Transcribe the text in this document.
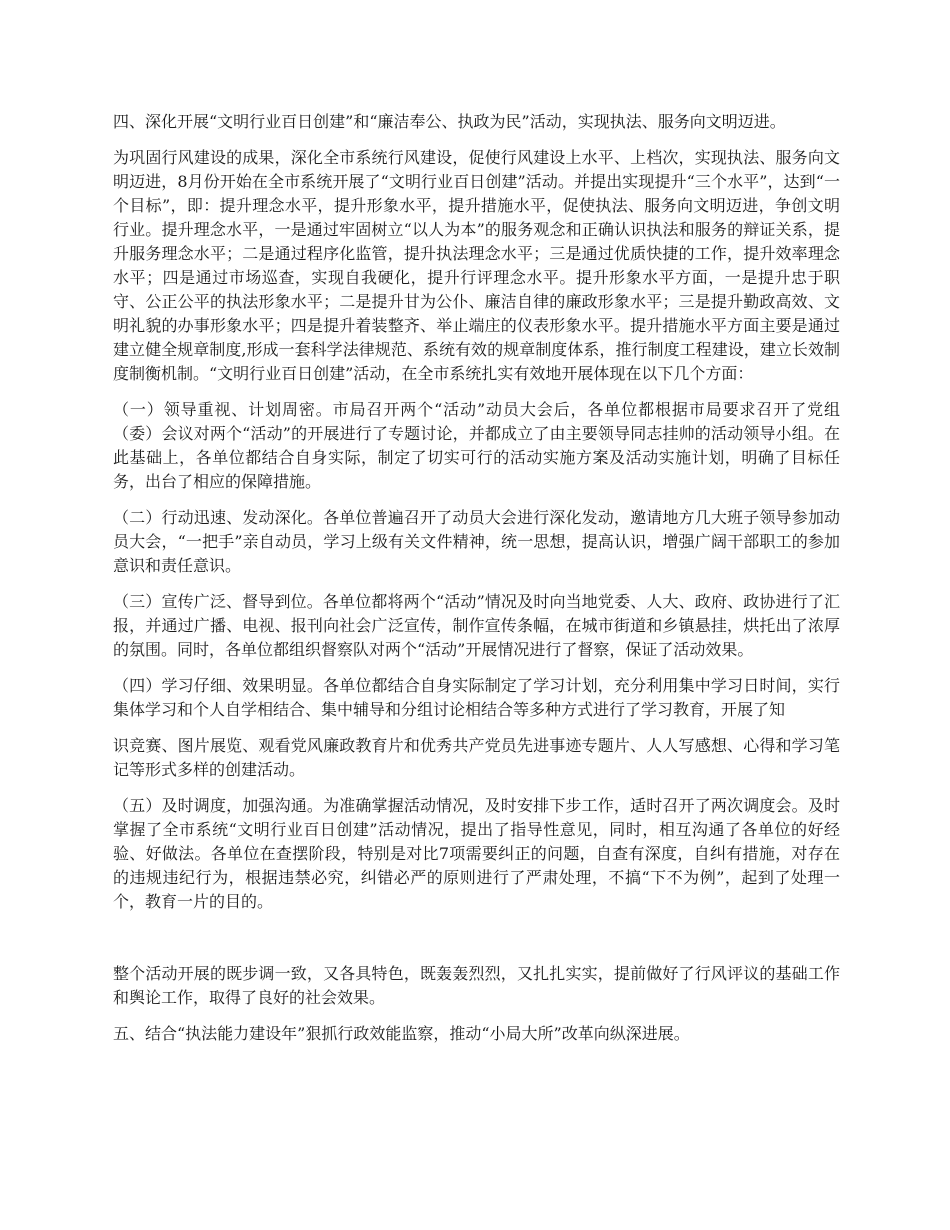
四、深化开展“文明行业百日创建”和“廉洁奉公、执政为民”活动，实现执法、服务向文明迈进。

为巩固行风建设的成果，深化全市系统行风建设，促使行风建设上水平、上档次，实现执法、服务向文明迈进，8月份开始在全市系统开展了“文明行业百日创建”活动。并提出实现提升“三个水平”，达到“一个目标”，即：提升理念水平，提升形象水平，提升措施水平，促使执法、服务向文明迈进，争创文明行业。提升理念水平，一是通过牢固树立“以人为本”的服务观念和正确认识执法和服务的辩证关系，提升服务理念水平；二是通过程序化监管，提升执法理念水平；三是通过优质快捷的工作，提升效率理念水平；四是通过市场巡查，实现自我硬化，提升行评理念水平。提升形象水平方面，一是提升忠于职守、公正公平的执法形象水平；二是提升甘为公仆、廉洁自律的廉政形象水平；三是提升勤政高效、文明礼貌的办事形象水平；四是提升着装整齐、举止端庄的仪表形象水平。提升措施水平方面主要是通过建立健全规章制度,形成一套科学法律规范、系统有效的规章制度体系，推行制度工程建设，建立长效制度制衡机制。“文明行业百日创建”活动，在全市系统扎实有效地开展体现在以下几个方面：

（一）领导重视、计划周密。市局召开两个“活动”动员大会后，各单位都根据市局要求召开了党组（委）会议对两个“活动”的开展进行了专题讨论，并都成立了由主要领导同志挂帅的活动领导小组。在此基础上，各单位都结合自身实际，制定了切实可行的活动实施方案及活动实施计划，明确了目标任务，出台了相应的保障措施。

（二）行动迅速、发动深化。各单位普遍召开了动员大会进行深化发动，邀请地方几大班子领导参加动员大会，“一把手”亲自动员，学习上级有关文件精神，统一思想，提高认识，增强广阔干部职工的参加意识和责任意识。

（三）宣传广泛、督导到位。各单位都将两个“活动”情况及时向当地党委、人大、政府、政协进行了汇报，并通过广播、电视、报刊向社会广泛宣传，制作宣传条幅，在城市街道和乡镇悬挂，烘托出了浓厚的氛围。同时，各单位都组织督察队对两个“活动”开展情况进行了督察，保证了活动效果。

（四）学习仔细、效果明显。各单位都结合自身实际制定了学习计划，充分利用集中学习日时间，实行集体学习和个人自学相结合、集中辅导和分组讨论相结合等多种方式进行了学习教育，开展了知

识竞赛、图片展览、观看党风廉政教育片和优秀共产党员先进事迹专题片、人人写感想、心得和学习笔记等形式多样的创建活动。

（五）及时调度，加强沟通。为准确掌握活动情况，及时安排下步工作，适时召开了两次调度会。及时掌握了全市系统“文明行业百日创建”活动情况，提出了指导性意见，同时，相互沟通了各单位的好经验、好做法。各单位在查摆阶段，特别是对比7项需要纠正的问题，自查有深度，自纠有措施，对存在的违规违纪行为，根据违禁必究，纠错必严的原则进行了严肃处理，不搞“下不为例”，起到了处理一个，教育一片的目的。

整个活动开展的既步调一致，又各具特色，既轰轰烈烈，又扎扎实实，提前做好了行风评议的基础工作和舆论工作，取得了良好的社会效果。

五、结合“执法能力建设年”狠抓行政效能监察，推动“小局大所”改革向纵深进展。
